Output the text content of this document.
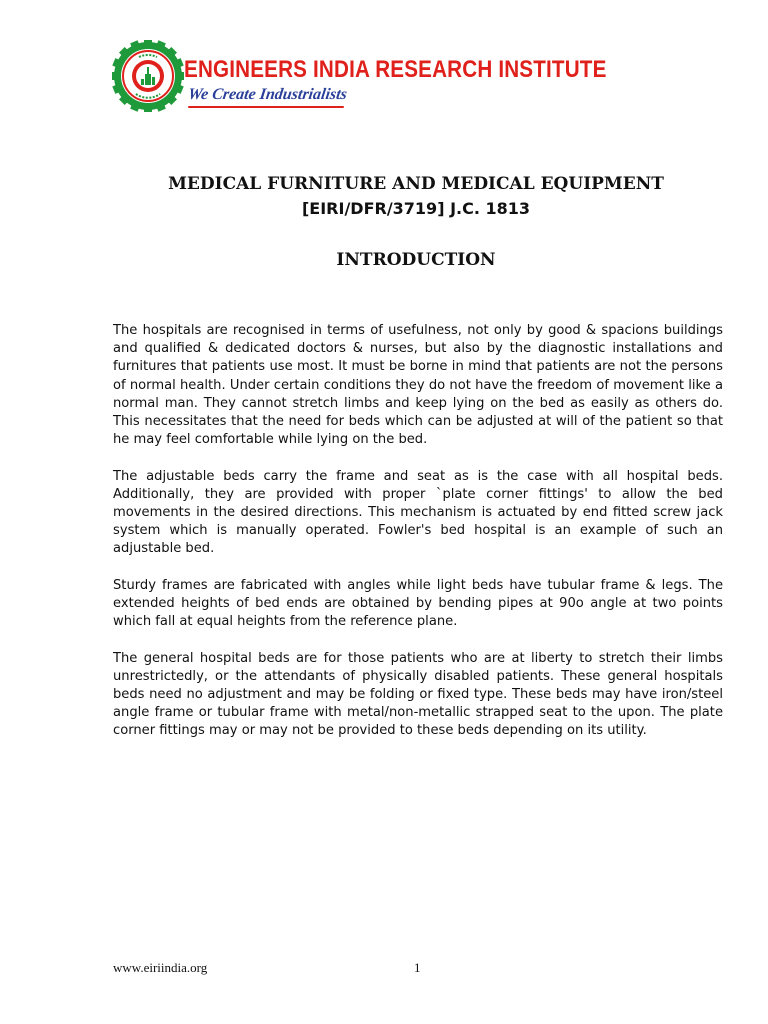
ENGINEERS INDIA RESEARCH INSTITUTE
We Create Industrialists
MEDICAL FURNITURE AND MEDICAL EQUIPMENT
[EIRI/DFR/3719] J.C. 1813
INTRODUCTION

The hospitals are recognised in terms of usefulness, not only by good & spacions buildings and qualified & dedicated doctors & nurses, but also by the diagnostic installations and furnitures that patients use most. It must be borne in mind that patients are not the persons of normal health. Under certain conditions they do not have the freedom of movement like a normal man. They cannot stretch limbs and keep lying on the bed as easily as others do. This necessitates that the need for beds which can be adjusted at will of the patient so that he may feel comfortable while lying on the bed.

The adjustable beds carry the frame and seat as is the case with all hospital beds. Additionally, they are provided with proper `plate corner fittings' to allow the bed movements in the desired directions. This mechanism is actuated by end fitted screw jack system which is manually operated. Fowler's bed hospital is an example of such an adjustable bed.

Sturdy frames are fabricated with angles while light beds have tubular frame & legs. The extended heights of bed ends are obtained by bending pipes at 90o angle at two points which fall at equal heights from the reference plane.

The general hospital beds are for those patients who are at liberty to stretch their limbs unrestrictedly, or the attendants of physically disabled patients. These general hospitals beds need no adjustment and may be folding or fixed type. These beds may have iron/steel angle frame or tubular frame with metal/non-metallic strapped seat to the upon. The plate corner fittings may or may not be provided to these beds depending on its utility.

www.eiriindia.org	1
